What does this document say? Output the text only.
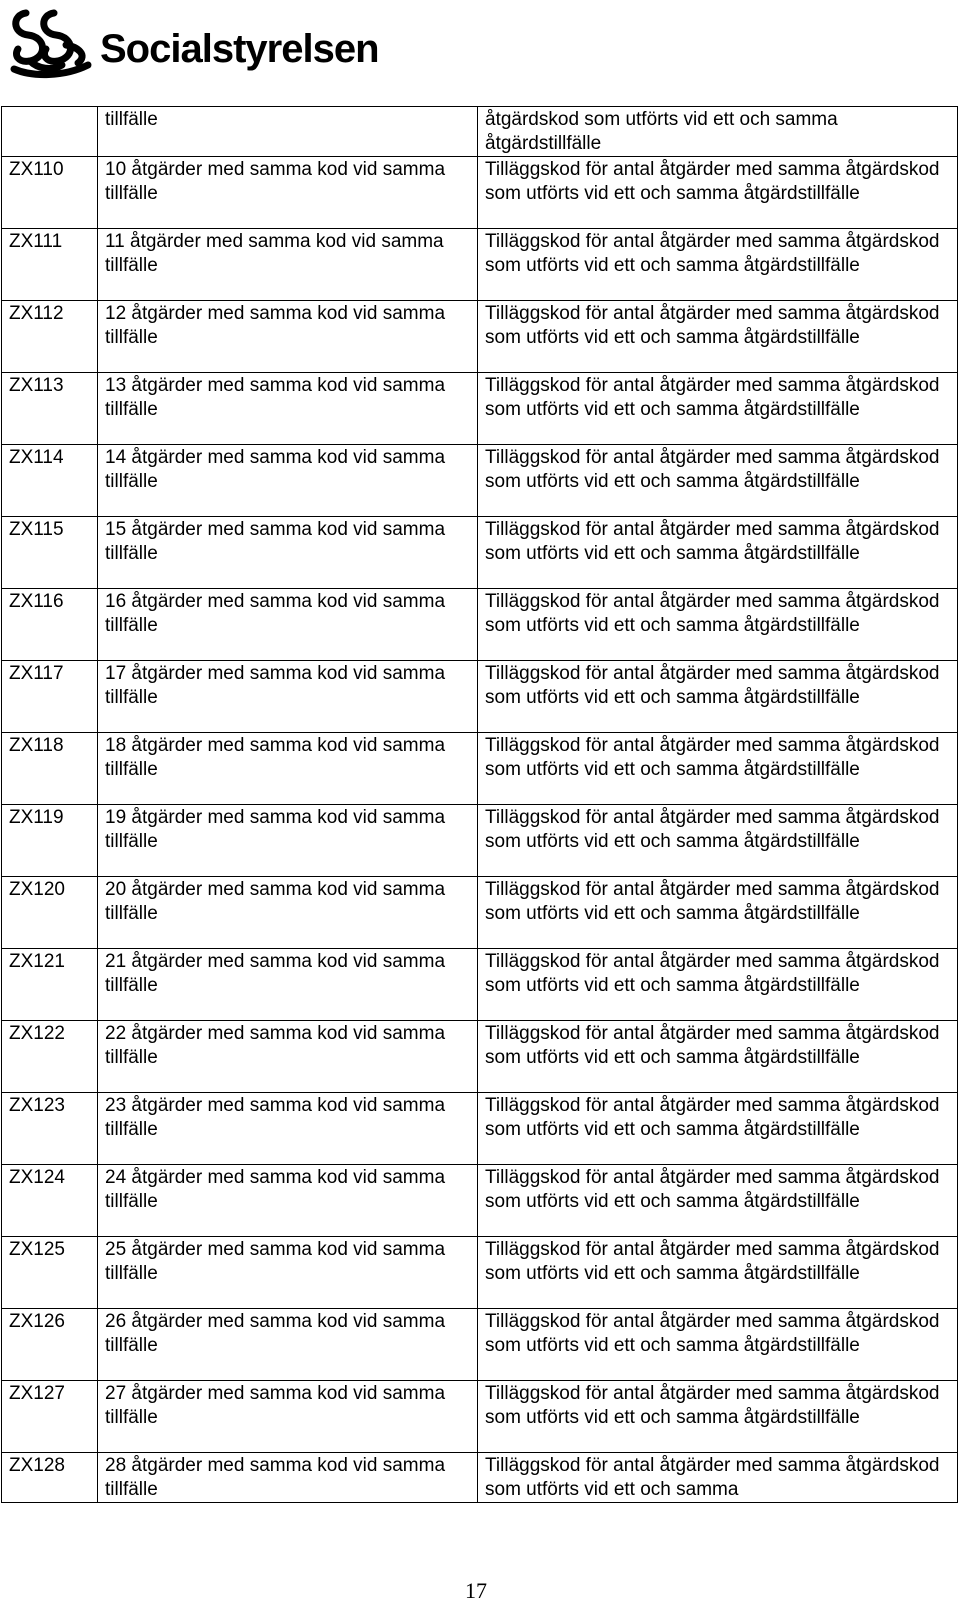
Socialstyrelsen
	tillfälle	åtgärdskod som utförts vid ett och samma åtgärdstillfälle
ZX110	10 åtgärder med samma kod vid samma tillfälle	Tilläggskod för antal åtgärder med samma åtgärdskod som utförts vid ett och samma åtgärdstillfälle
ZX111	11 åtgärder med samma kod vid samma tillfälle	Tilläggskod för antal åtgärder med samma åtgärdskod som utförts vid ett och samma åtgärdstillfälle
ZX112	12 åtgärder med samma kod vid samma tillfälle	Tilläggskod för antal åtgärder med samma åtgärdskod som utförts vid ett och samma åtgärdstillfälle
ZX113	13 åtgärder med samma kod vid samma tillfälle	Tilläggskod för antal åtgärder med samma åtgärdskod som utförts vid ett och samma åtgärdstillfälle
ZX114	14 åtgärder med samma kod vid samma tillfälle	Tilläggskod för antal åtgärder med samma åtgärdskod som utförts vid ett och samma åtgärdstillfälle
ZX115	15 åtgärder med samma kod vid samma tillfälle	Tilläggskod för antal åtgärder med samma åtgärdskod som utförts vid ett och samma åtgärdstillfälle
ZX116	16 åtgärder med samma kod vid samma tillfälle	Tilläggskod för antal åtgärder med samma åtgärdskod som utförts vid ett och samma åtgärdstillfälle
ZX117	17 åtgärder med samma kod vid samma tillfälle	Tilläggskod för antal åtgärder med samma åtgärdskod som utförts vid ett och samma åtgärdstillfälle
ZX118	18 åtgärder med samma kod vid samma tillfälle	Tilläggskod för antal åtgärder med samma åtgärdskod som utförts vid ett och samma åtgärdstillfälle
ZX119	19 åtgärder med samma kod vid samma tillfälle	Tilläggskod för antal åtgärder med samma åtgärdskod som utförts vid ett och samma åtgärdstillfälle
ZX120	20 åtgärder med samma kod vid samma tillfälle	Tilläggskod för antal åtgärder med samma åtgärdskod som utförts vid ett och samma åtgärdstillfälle
ZX121	21 åtgärder med samma kod vid samma tillfälle	Tilläggskod för antal åtgärder med samma åtgärdskod som utförts vid ett och samma åtgärdstillfälle
ZX122	22 åtgärder med samma kod vid samma tillfälle	Tilläggskod för antal åtgärder med samma åtgärdskod som utförts vid ett och samma åtgärdstillfälle
ZX123	23 åtgärder med samma kod vid samma tillfälle	Tilläggskod för antal åtgärder med samma åtgärdskod som utförts vid ett och samma åtgärdstillfälle
ZX124	24 åtgärder med samma kod vid samma tillfälle	Tilläggskod för antal åtgärder med samma åtgärdskod som utförts vid ett och samma åtgärdstillfälle
ZX125	25 åtgärder med samma kod vid samma tillfälle	Tilläggskod för antal åtgärder med samma åtgärdskod som utförts vid ett och samma åtgärdstillfälle
ZX126	26 åtgärder med samma kod vid samma tillfälle	Tilläggskod för antal åtgärder med samma åtgärdskod som utförts vid ett och samma åtgärdstillfälle
ZX127	27 åtgärder med samma kod vid samma tillfälle	Tilläggskod för antal åtgärder med samma åtgärdskod som utförts vid ett och samma åtgärdstillfälle
ZX128	28 åtgärder med samma kod vid samma tillfälle	Tilläggskod för antal åtgärder med samma åtgärdskod som utförts vid ett och samma
17
